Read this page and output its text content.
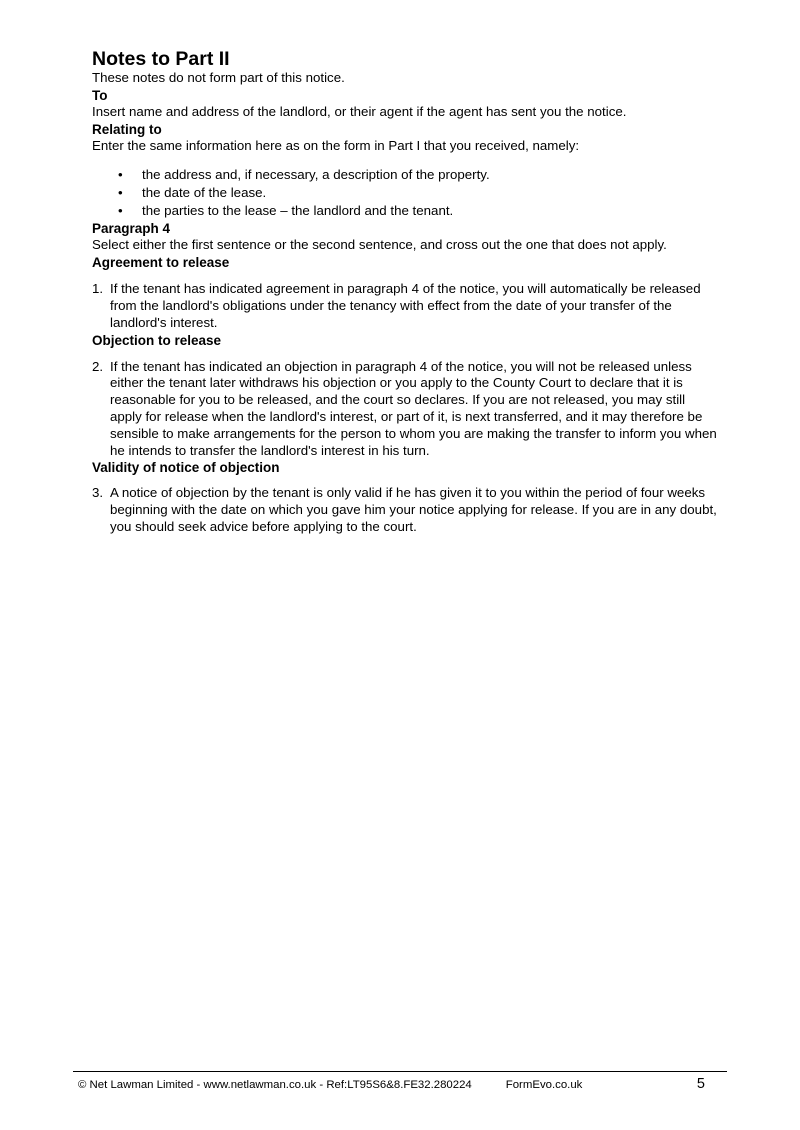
Notes to Part II

These notes do not form part of this notice.

To

Insert name and address of the landlord, or their agent if the agent has sent you the notice.

Relating to

Enter the same information here as on the form in Part I that you received, namely:

•	the address and, if necessary, a description of the property.
•	the date of the lease.
•	the parties to the lease – the landlord and the tenant.
Paragraph 4

Select either the first sentence or the second sentence, and cross out the one that does not apply.

Agreement to release
1. If the tenant has indicated agreement in paragraph 4 of the notice, you will automatically be released from the landlord's obligations under the tenancy with effect from the date of your transfer of the landlord's interest.
Objection to release
2. If the tenant has indicated an objection in paragraph 4 of the notice, you will not be released unless either the tenant later withdraws his objection or you apply to the County Court to declare that it is reasonable for you to be released, and the court so declares. If you are not released, you may still apply for release when the landlord's interest, or part of it, is next transferred, and it may therefore be sensible to make arrangements for the person to whom you are making the transfer to inform you when he intends to transfer the landlord's interest in his turn.
Validity of notice of objection
3. A notice of objection by the tenant is only valid if he has given it to you within the period of four weeks beginning with the date on which you gave him your notice applying for release. If you are in any doubt, you should seek advice before applying to the court.
© Net Lawman Limited - www.netlawman.co.uk - Ref:LT95S6&8.FE32.280224	FormEvo.co.uk	5
